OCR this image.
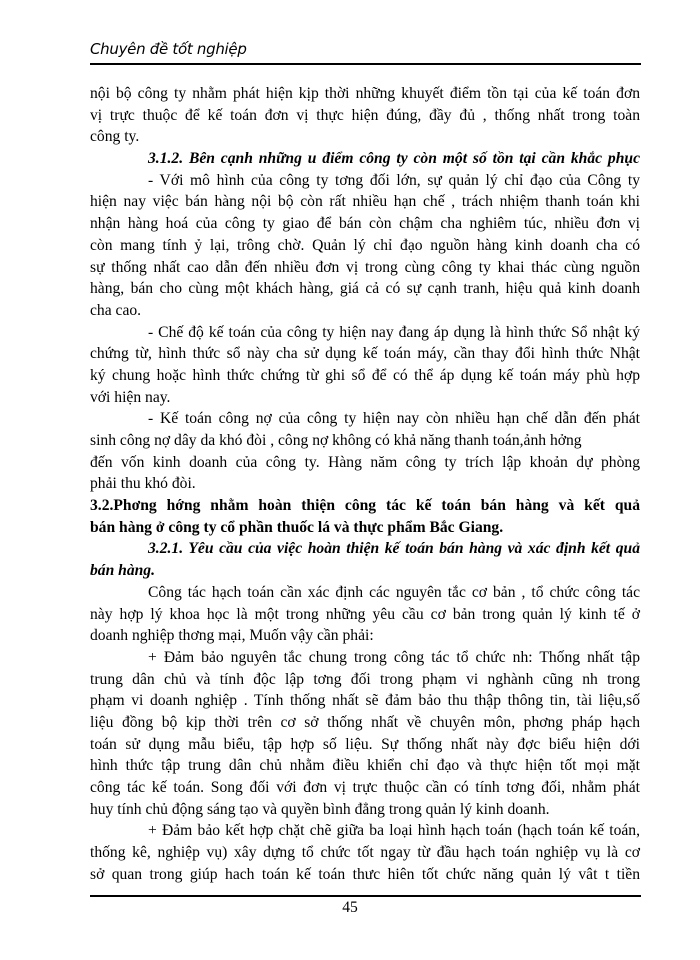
Chuyên đề tốt nghiệp
nội bộ công ty nhằm phát hiện kịp thời những khuyết điểm tồn tại của kế toán đơn
vị trực thuộc để kế toán đơn vị thực hiện đúng, đầy đủ , thống nhất trong toàn
công ty.
3.1.2. Bên cạnh những u điểm công ty còn một số tồn tại cần khắc phục
- Với mô hình của công ty tơng đối lớn, sự quản lý chỉ đạo của Công ty
hiện nay việc bán hàng nội bộ còn rất nhiều hạn chế , trách nhiệm thanh toán khi
nhận hàng hoá của công ty giao để bán còn chậm cha nghiêm túc, nhiều đơn vị
còn mang tính ỷ lại, trông chờ. Quản lý chỉ đạo nguồn hàng kinh doanh cha có
sự thống nhất cao dẫn đến nhiều đơn vị trong cùng công ty khai thác cùng nguồn
hàng, bán cho cùng một khách hàng, giá cả có sự cạnh tranh, hiệu quả kinh doanh
cha cao.
- Chế độ kế toán của công ty hiện nay đang áp dụng là hình thức Sổ nhật ký
chứng từ, hình thức sổ này cha sử dụng kế toán máy, cần thay đổi hình thức Nhật
ký chung hoặc hình thức chứng từ ghi sổ để có thể áp dụng kế toán máy phù hợp
với hiện nay.
- Kế toán công nợ của công ty hiện nay còn nhiều hạn chế dẫn đến phát
sinh công nợ dây da khó đòi , công nợ không có khả năng thanh toán,ảnh hởng
đến vốn kinh doanh của công ty. Hàng năm công ty trích lập khoản dự phòng
phải thu khó đòi.
3.2.Phơng hớng nhằm hoàn thiện công tác kế toán bán hàng và kết quả
bán hàng ở công ty cổ phần thuốc lá và thực phẩm Bắc Giang.
3.2.1. Yêu cầu của việc hoàn thiện kế toán bán hàng và xác định kết quả
bán hàng.
Công tác hạch toán cần xác định các nguyên tắc cơ bản , tổ chức công tác
này hợp lý khoa học là một trong những yêu cầu cơ bản trong quản lý kinh tế ở
doanh nghiệp thơng mại, Muốn vậy cần phải:
+ Đảm bảo nguyên tắc chung trong công tác tổ chức nh: Thống nhất tập
trung dân chủ và tính độc lập tơng đối trong phạm vi nghành cũng nh trong
phạm vi doanh nghiệp . Tính thống nhất sẽ đảm bảo thu thập thông tin, tài liệu,số
liệu đồng bộ kịp thời trên cơ sở thống nhất về chuyên môn, phơng pháp hạch
toán sử dụng mẫu biểu, tập hợp số liệu. Sự thống nhất này đợc biểu hiện dới
hình thức tập trung dân chủ nhằm điều khiển chỉ đạo và thực hiện tốt mọi mặt
công tác kế toán. Song đối với đơn vị trực thuộc cần có tính tơng đối, nhằm phát
huy tính chủ động sáng tạo và quyền bình đẳng trong quản lý kinh doanh.
+ Đảm bảo kết hợp chặt chẽ giữa ba loại hình hạch toán (hạch toán kế toán,
thống kê, nghiệp vụ) xây dựng tổ chức tốt ngay từ đầu hạch toán nghiệp vụ là cơ
sở quan trong giúp hach toán kế toán thưc hiên tốt chức năng quản lý vât t tiền
45
